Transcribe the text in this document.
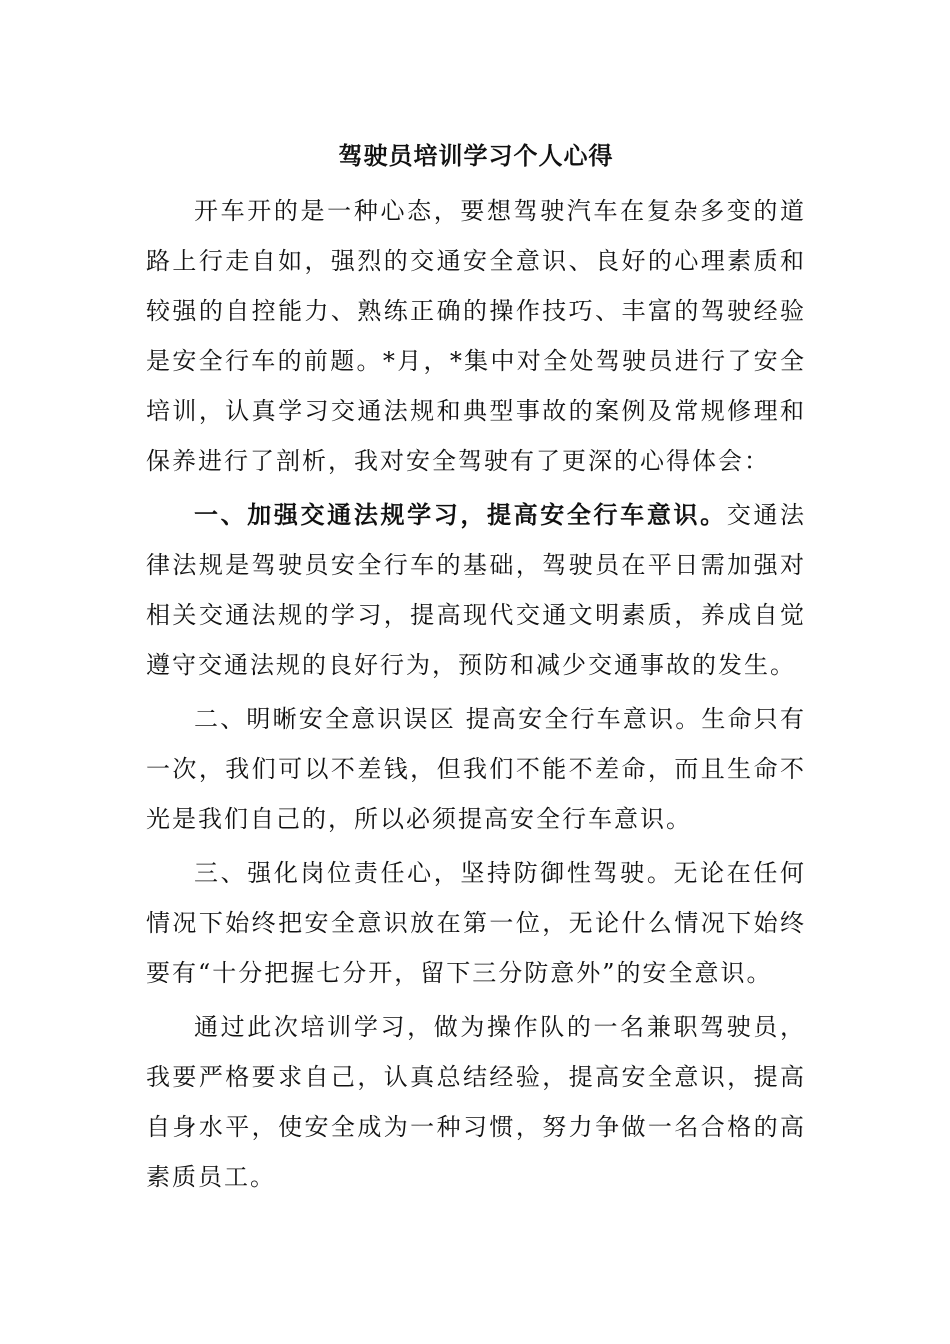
驾驶员培训学习个人心得

开车开的是一种心态，要想驾驶汽车在复杂多变的道路上行走自如，强烈的交通安全意识、良好的心理素质和较强的自控能力、熟练正确的操作技巧、丰富的驾驶经验是安全行车的前题。*月，*集中对全处驾驶员进行了安全培训，认真学习交通法规和典型事故的案例及常规修理和保养进行了剖析，我对安全驾驶有了更深的心得体会：

一、加强交通法规学习，提高安全行车意识。交通法律法规是驾驶员安全行车的基础，驾驶员在平日需加强对相关交通法规的学习，提高现代交通文明素质，养成自觉遵守交通法规的良好行为，预防和减少交通事故的发生。

二、明晰安全意识误区 提高安全行车意识。生命只有一次，我们可以不差钱，但我们不能不差命，而且生命不光是我们自己的，所以必须提高安全行车意识。

三、强化岗位责任心，坚持防御性驾驶。无论在任何情况下始终把安全意识放在第一位，无论什么情况下始终要有“十分把握七分开，留下三分防意外”的安全意识。

通过此次培训学习，做为操作队的一名兼职驾驶员，我要严格要求自己，认真总结经验，提高安全意识，提高自身水平，使安全成为一种习惯，努力争做一名合格的高素质员工。
